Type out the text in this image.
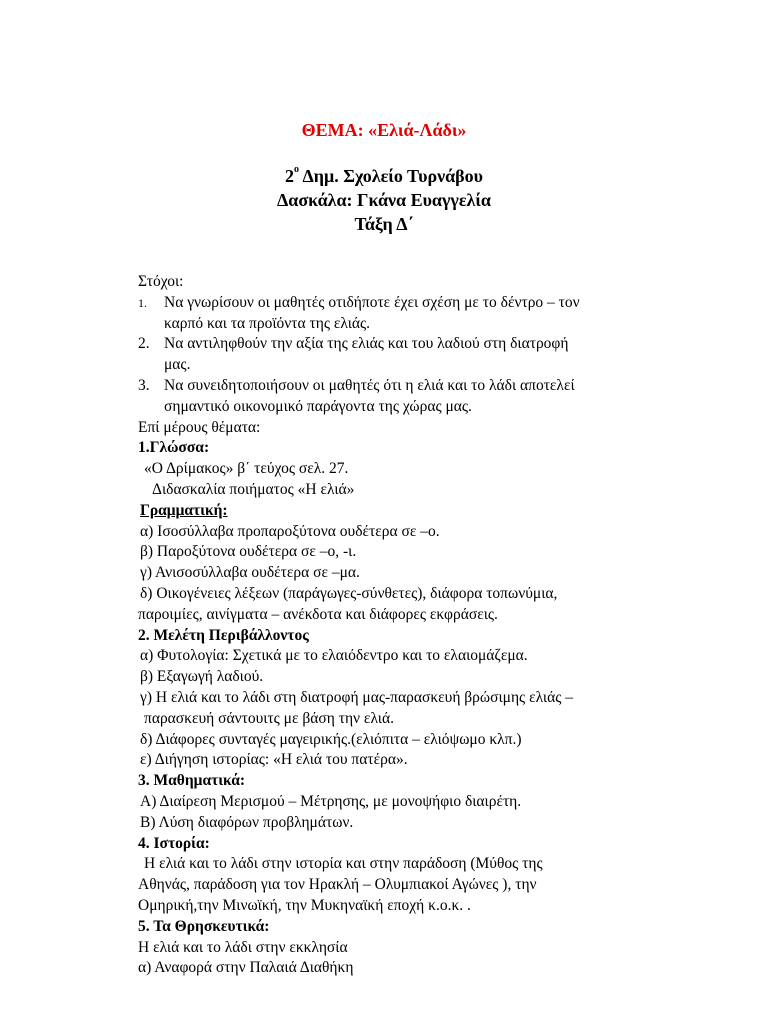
ΘΕΜΑ: «Ελιά-Λάδι»
$2^o$ Δημ. Σχολείο Τυρνάβου
Δασκάλα: Γκάνα Ευαγγελία
Τάξη Δ΄
Στόχοι:
1. Να γνωρίσουν οι μαθητές οτιδήποτε έχει σχέση με το δέντρο – τον
καρπό και τα προϊόντα της ελιάς.
2. Να αντιληφθούν την αξία της ελιάς και του λαδιού στη διατροφή
μας.
3. Να συνειδητοποιήσουν οι μαθητές ότι η ελιά και το λάδι αποτελεί
σημαντικό οικονομικό παράγοντα της χώρας μας.
Επί μέρους θέματα:
1.Γλώσσα:
«Ο Δρίμακος» β΄ τεύχος σελ. 27.
Διδασκαλία ποιήματος «Η ελιά»
Γραμματική:
α) Ισοσύλλαβα προπαροξύτονα ουδέτερα σε –ο.
β) Παροξύτονα ουδέτερα σε –ο, -ι.
γ) Ανισοσύλλαβα ουδέτερα σε –μα.
δ) Οικογένειες λέξεων (παράγωγες-σύνθετες), διάφορα τοπωνύμια,
παροιμίες, αινίγματα – ανέκδοτα και διάφορες εκφράσεις.
2. Μελέτη Περιβάλλοντος
α) Φυτολογία: Σχετικά με το ελαιόδεντρο και το ελαιομάζεμα.
β) Εξαγωγή λαδιού.
γ) Η ελιά και το λάδι στη διατροφή μας-παρασκευή βρώσιμης ελιάς –
παρασκευή σάντουιτς με βάση την ελιά.
δ) Διάφορες συνταγές μαγειρικής.(ελιόπιτα – ελιόψωμο κλπ.)
ε) Διήγηση ιστορίας: «Η ελιά του πατέρα».
3. Μαθηματικά:
Α) Διαίρεση Μερισμού – Μέτρησης, με μονοψήφιο διαιρέτη.
Β) Λύση διαφόρων προβλημάτων.
4. Ιστορία:
Η ελιά και το λάδι στην ιστορία και στην παράδοση (Μύθος της
Αθηνάς, παράδοση για τον Ηρακλή – Ολυμπιακοί Αγώνες ), την
Ομηρική,την Μινωϊκή, την Μυκηναϊκή εποχή κ.ο.κ. .
5. Τα Θρησκευτικά:
Η ελιά και το λάδι στην εκκλησία
α) Αναφορά στην Παλαιά Διαθήκη
